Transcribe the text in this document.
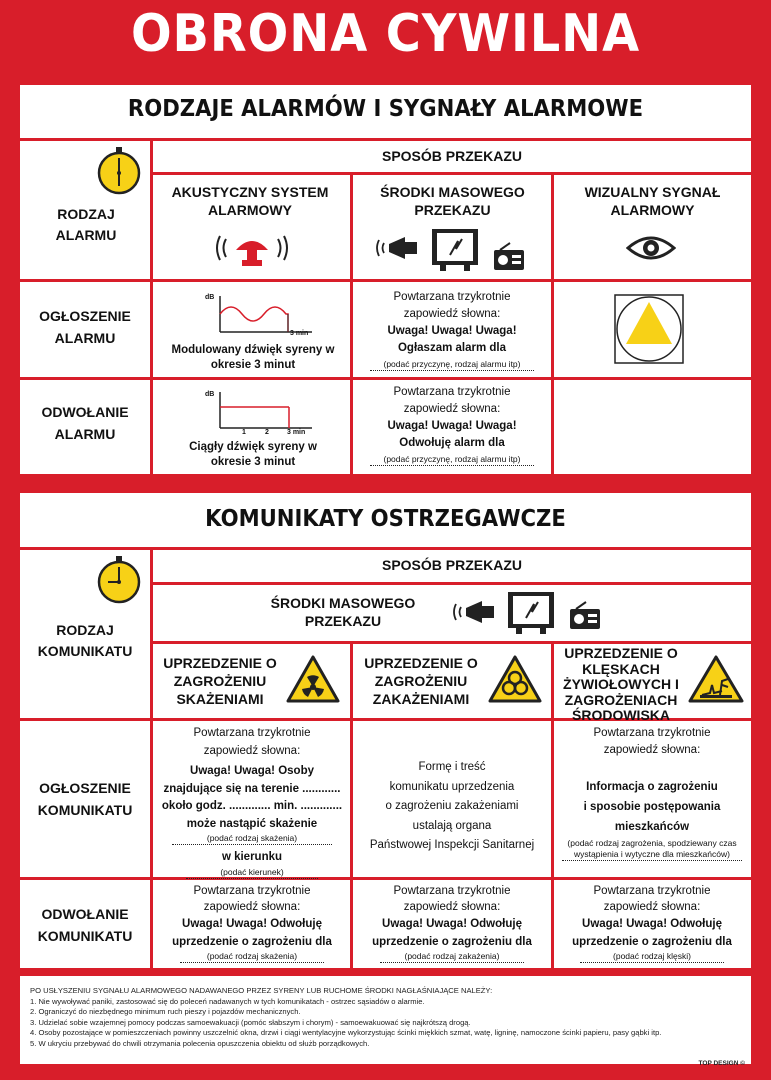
OBRONA CYWILNA
RODZAJE ALARMÓW I SYGNAŁY ALARMOWE
RODZAJ ALARMU
SPOSÓB PRZEKAZU
AKUSTYCZNY SYSTEM ALARMOWY
ŚRODKI MASOWEGO PRZEKAZU
WIZUALNY SYGNAŁ ALARMOWY
OGŁOSZENIE ALARMU
ODWOŁANIE ALARMU
dB
3 min
Modulowany dźwięk syreny w okresie 3 minut
dB
1	2	3 min
Ciągły dźwięk syreny w okresie 3 minut
Powtarzana trzykrotnie
zapowiedź słowna:
Uwaga! Uwaga! Uwaga!
Ogłaszam alarm dla
(podać przyczynę, rodzaj alarmu itp)
Powtarzana trzykrotnie
zapowiedź słowna:
Uwaga! Uwaga! Uwaga!
Odwołuję alarm dla
(podać przyczynę, rodzaj alarmu itp)
KOMUNIKATY OSTRZEGAWCZE
RODZAJ KOMUNIKATU
SPOSÓB PRZEKAZU
ŚRODKI MASOWEGO PRZEKAZU
UPRZEDZENIE O ZAGROŻENIU SKAŻENIAMI
UPRZEDZENIE O ZAGROŻENIU ZAKAŻENIAMI
UPRZEDZENIE O KLĘSKACH ŻYWIOŁOWYCH I ZAGROŻENIACH ŚRODOWISKA
OGŁOSZENIE KOMUNIKATU
ODWOŁANIE KOMUNIKATU
Powtarzana trzykrotnie
zapowiedź słowna:
Uwaga! Uwaga! Osoby
znajdujące się na terenie ............
około godz. ............. min. .............
może nastąpić skażenie
(podać rodzaj skażenia)
w kierunku
(podać kierunek)
Formę i treść
komunikatu uprzedzenia
o zagrożeniu zakażeniami
ustalają organa
Państwowej Inspekcji Sanitarnej
Powtarzana trzykrotnie
zapowiedź słowna:
Informacja o zagrożeniu
i sposobie postępowania
mieszkańców
(podać rodzaj zagrożenia, spodziewany czas wystąpienia i wytyczne dla mieszkańców)
Powtarzana trzykrotnie
zapowiedź słowna:
Uwaga! Uwaga! Odwołuję
uprzedzenie o zagrożeniu dla
(podać rodzaj skażenia)
Powtarzana trzykrotnie
zapowiedź słowna:
Uwaga! Uwaga! Odwołuję
uprzedzenie o zagrożeniu dla
(podać rodzaj zakażenia)
Powtarzana trzykrotnie
zapowiedź słowna:
Uwaga! Uwaga! Odwołuję
uprzedzenie o zagrożeniu dla
(podać rodzaj klęski)
PO USŁYSZENIU SYGNAŁU ALARMOWEGO NADAWANEGO PRZEZ SYRENY LUB RUCHOME ŚRODKI NAGŁAŚNIAJĄCE NALEŻY:
1. Nie wywoływać paniki, zastosować się do poleceń nadawanych w tych komunikatach - ostrzec sąsiadów o alarmie.
2. Ograniczyć do niezbędnego minimum ruch pieszy i pojazdów mechanicznych.
3. Udzielać sobie wzajemnej pomocy podczas samoewakuacji (pomóc słabszym i chorym) - samoewakuować się najkrótszą drogą.
4. Osoby pozostające w pomieszczeniach powinny uszczelnić okna, drzwi i ciągi wentylacyjne wykorzystując ścinki miękkich szmat, watę, ligninę, namoczone ścinki papieru, pasy gąbki itp.
5. W ukryciu przebywać do chwili otrzymania polecenia opuszczenia obiektu od służb porządkowych.
TOP DESIGN ©
